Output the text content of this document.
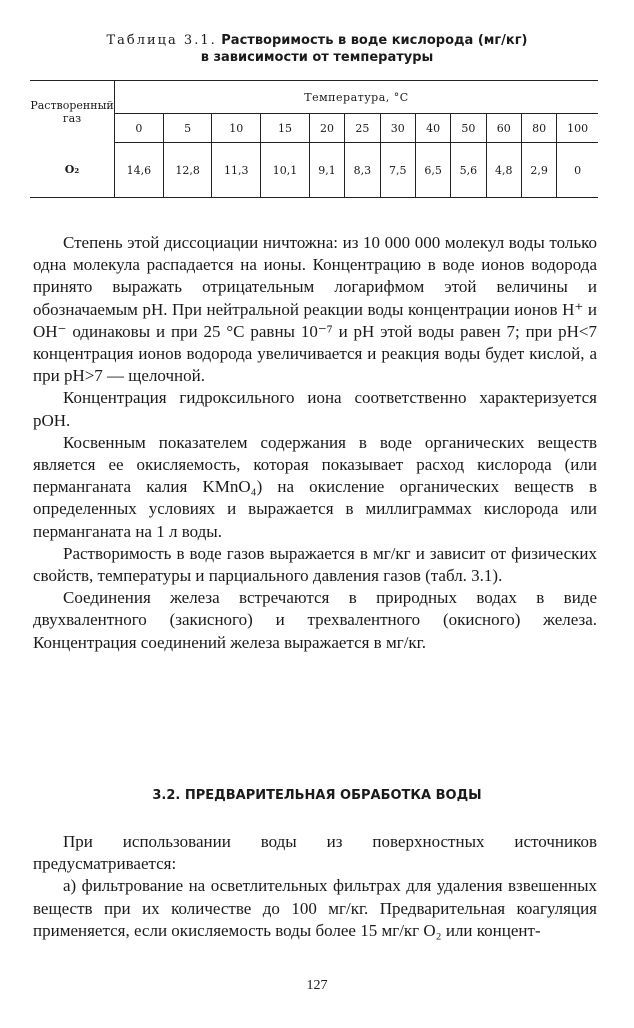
Таблица 3.1. Растворимость в воде кислорода (мг/кг)
в зависимости от температуры
Растворенный газ	Температура, °C											
	0	5	10	15	20	25	30	40	50	60	80	100
O₂	14,6	12,8	11,3	10,1	9,1	8,3	7,5	6,5	5,6	4,8	2,9	0

Степень этой диссоциации ничтожна: из 10 000 000 молекул воды только одна молекула распадается на ионы. Концентрацию в воде ионов водорода принято выражать отрицательным логарифмом этой величины и обозначаемым pH. При нейтральной реакции воды концентрации ионов H⁺ и OH⁻ одинаковы и при 25 °C равны 10⁻⁷ и pH этой воды равен 7; при pH<7 концентрация ионов водорода увеличивается и реакция воды будет кислой, а при pH>7 — щелочной.

Концентрация гидроксильного иона соответственно характеризуется pOH.

Косвенным показателем содержания в воде органических веществ является ее окисляемость, которая показывает расход кислорода (или перманганата калия KMnO₄) на окисление органических веществ в определенных условиях и выражается в миллиграммах кислорода или перманганата на 1 л воды.

Растворимость в воде газов выражается в мг/кг и зависит от физических свойств, температуры и парциального давления газов (табл. 3.1).

Соединения железа встречаются в природных водах в виде двухвалентного (закисного) и трехвалентного (окисного) железа. Концентрация соединений железа выражается в мг/кг.

3.2. ПРЕДВАРИТЕЛЬНАЯ ОБРАБОТКА ВОДЫ

При использовании воды из поверхностных источников предусматривается:

а) фильтрование на осветлительных фильтрах для удаления взвешенных веществ при их количестве до 100 мг/кг. Предварительная коагуляция применяется, если окисляемость воды более 15 мг/кг O₂ или концент-

127
